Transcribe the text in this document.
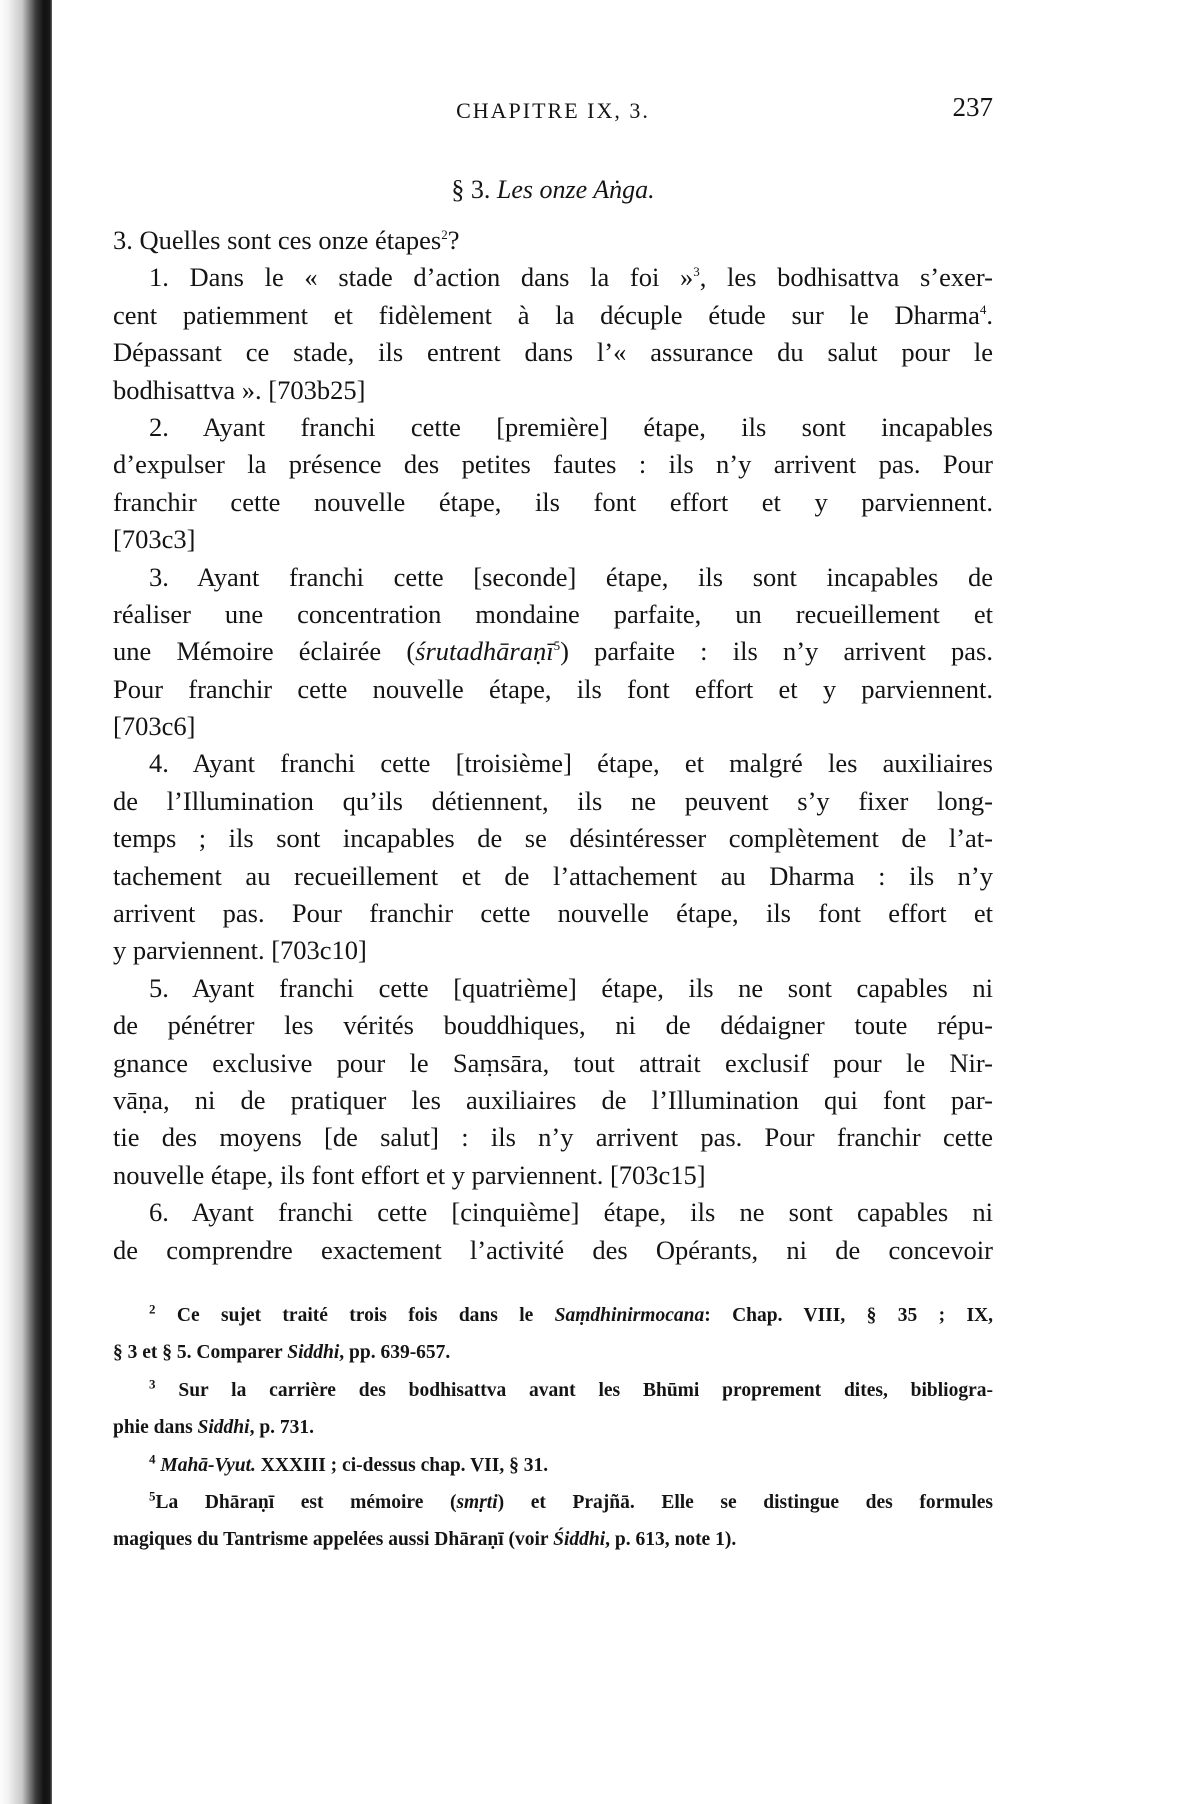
CHAPITRE IX, 3.	237
§ 3. Les onze Aṅga.
3. Quelles sont ces onze étapes$^2$?
1. Dans le « stade d’action dans la foi »$^3$, les bodhisattva s’exer-
cent patiemment et fidèlement à la décuple étude sur le Dharma$^4$.
Dépassant ce stade, ils entrent dans l’« assurance du salut pour le
bodhisattva ». [703b25]
2. Ayant franchi cette [première] étape, ils sont incapables
d’expulser la présence des petites fautes : ils n’y arrivent pas. Pour
franchir cette nouvelle étape, ils font effort et y parviennent.
[703c3]
3. Ayant franchi cette [seconde] étape, ils sont incapables de
réaliser une concentration mondaine parfaite, un recueillement et
une Mémoire éclairée (śrutadhāraṇī$^5$) parfaite : ils n’y arrivent pas.
Pour franchir cette nouvelle étape, ils font effort et y parviennent.
[703c6]
4. Ayant franchi cette [troisième] étape, et malgré les auxiliaires
de l’Illumination qu’ils détiennent, ils ne peuvent s’y fixer long-
temps ; ils sont incapables de se désintéresser complètement de l’at-
tachement au recueillement et de l’attachement au Dharma : ils n’y
arrivent pas. Pour franchir cette nouvelle étape, ils font effort et
y parviennent. [703c10]
5. Ayant franchi cette [quatrième] étape, ils ne sont capables ni
de pénétrer les vérités bouddhiques, ni de dédaigner toute répu-
gnance exclusive pour le Saṃsāra, tout attrait exclusif pour le Nir-
vāṇa, ni de pratiquer les auxiliaires de l’Illumination qui font par-
tie des moyens [de salut] : ils n’y arrivent pas. Pour franchir cette
nouvelle étape, ils font effort et y parviennent. [703c15]
6. Ayant franchi cette [cinquième] étape, ils ne sont capables ni
de comprendre exactement l’activité des Opérants, ni de concevoir
$^2$ Ce sujet traité trois fois dans le Saṃdhinirmocana: Chap. VIII, § 35 ; IX,
§ 3 et § 5. Comparer Siddhi, pp. 639-657.
$^3$ Sur la carrière des bodhisattva avant les Bhūmi proprement dites, bibliogra-
phie dans Siddhi, p. 731.
$^4$ Mahā-Vyut. XXXIII ; ci-dessus chap. VII, § 31.
$^5$La Dhāraṇī est mémoire (smṛti) et Prajñā. Elle se distingue des formules
magiques du Tantrisme appelées aussi Dhāraṇī (voir Śiddhi, p. 613, note 1).
